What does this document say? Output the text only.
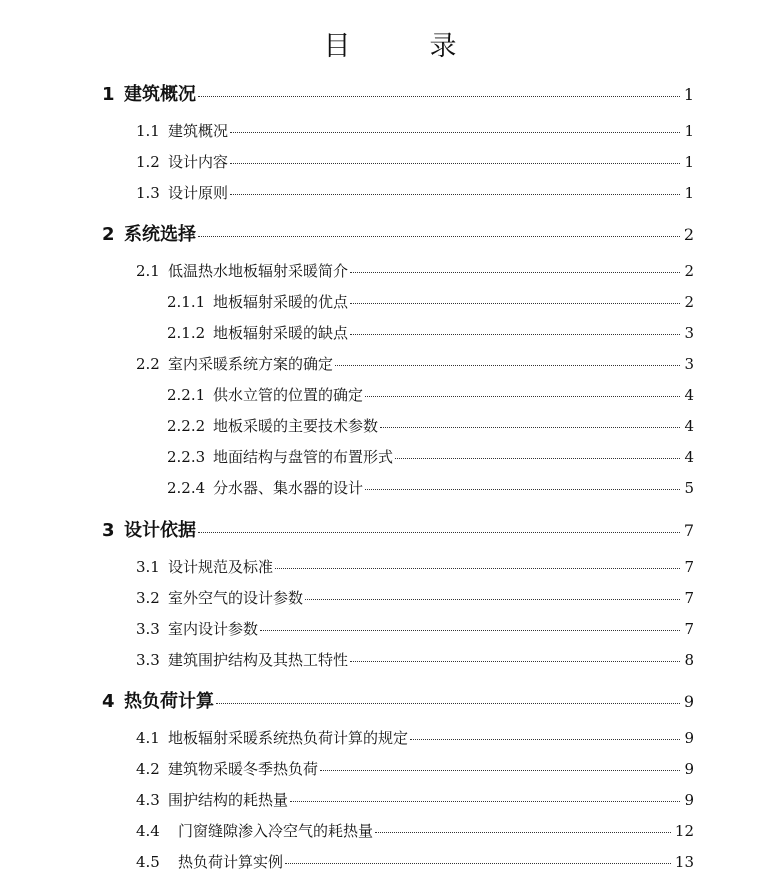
目　录
1 建筑概况	1
1.1 建筑概况	1
1.2 设计内容	1
1.3 设计原则	1
2 系统选择	2
2.1 低温热水地板辐射采暖简介	2
2.1.1 地板辐射采暖的优点	2
2.1.2 地板辐射采暖的缺点	3
2.2 室内采暖系统方案的确定	3
2.2.1 供水立管的位置的确定	4
2.2.2 地板采暖的主要技术参数	4
2.2.3 地面结构与盘管的布置形式	4
2.2.4 分水器、集水器的设计	5
3 设计依据	7
3.1 设计规范及标准	7
3.2 室外空气的设计参数	7
3.3 室内设计参数	7
3.3 建筑围护结构及其热工特性	8
4 热负荷计算	9
4.1 地板辐射采暖系统热负荷计算的规定	9
4.2 建筑物采暖冬季热负荷	9
4.3 围护结构的耗热量	9
4.4	门窗缝隙渗入冷空气的耗热量	12
4.5	热负荷计算实例	13
